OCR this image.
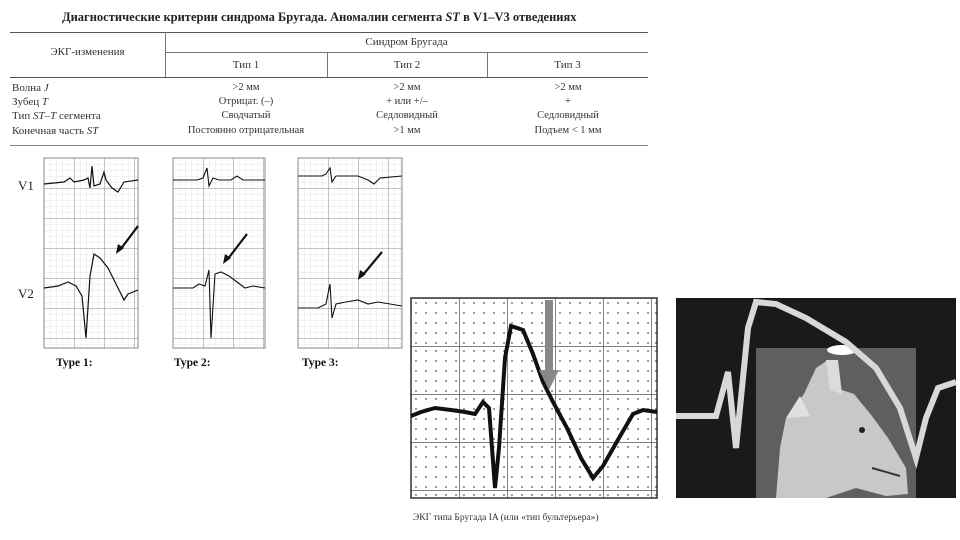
Диагностические критерии синдрома Бругада. Аномалии сегмента ST в V1–V3 отведениях
ЭКГ-изменения
Синдром Бругада
Тип 1	Тип 2	Тип 3
Волна J	>2 мм	>2 мм	>2 мм
Зубец T	Отрицат. (–)	+ или +/–	+
Тип ST–T сегмента	Сводчатый	Седловидный	Седловидный
Конечная часть ST	Постоянно отрицательная	>1 мм	Подъем < 1 мм
V1
V2
Type 1:	Type 2:	Type 3:
ЭКГ типа Бругада IA (или «тип бультерьера»)
